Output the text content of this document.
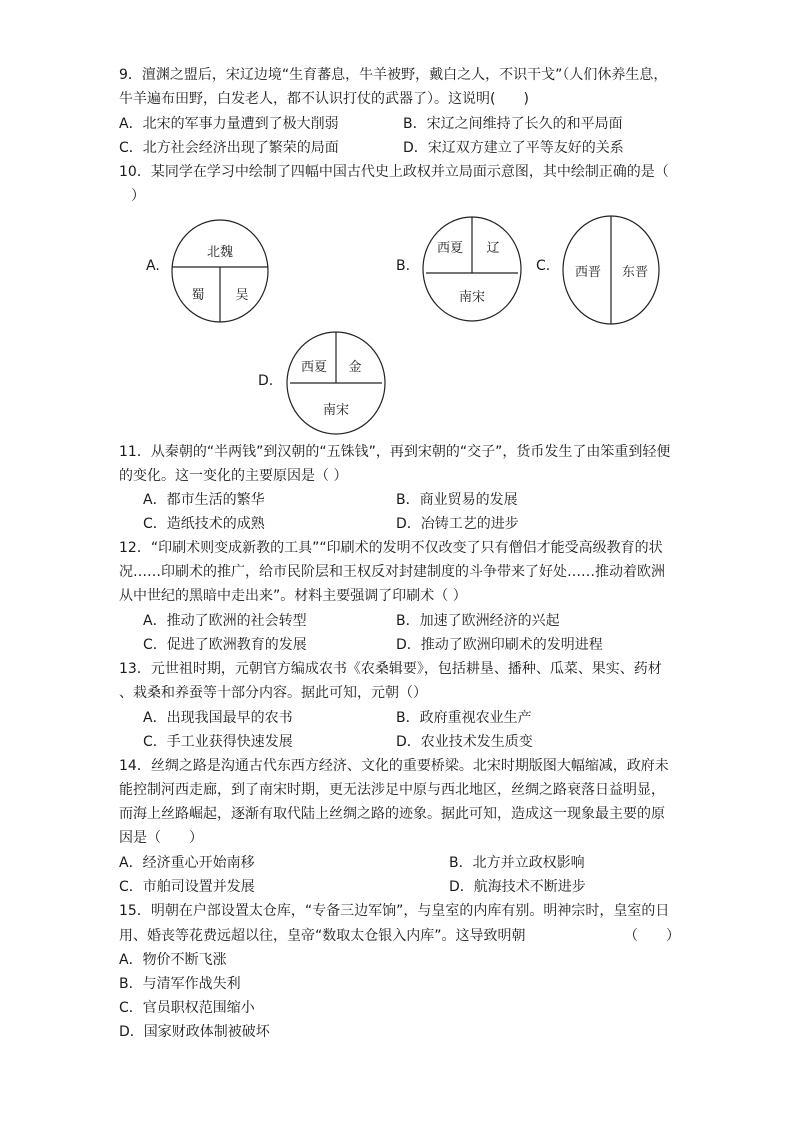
9．澶渊之盟后，宋辽边境“生育蕃息，牛羊被野，戴白之人，不识干戈”（人们休养生息，
牛羊遍布田野，白发老人，都不认识打仗的武器了）。这说明(　　)
A．北宋的军事力量遭到了极大削弱	B．宋辽之间维持了长久的和平局面
C．北方社会经济出现了繁荣的局面	D．宋辽双方建立了平等友好的关系
10．某同学在学习中绘制了四幅中国古代史上政权并立局面示意图，其中绘制正确的是（
）
A.
北魏
蜀 吴
B.
西夏 辽
南宋
C. 西晋 东晋
D.
西夏 金
南宋
11．从秦朝的“半两钱”到汉朝的“五铢钱”，再到宋朝的“交子”，货币发生了由笨重到轻便
的变化。这一变化的主要原因是（ ）
A．都市生活的繁华	B．商业贸易的发展
C．造纸技术的成熟	D．冶铸工艺的进步
12．“印刷术则变成新教的工具”“印刷术的发明不仅改变了只有僧侣才能受高级教育的状
况……印刷术的推广，给市民阶层和王权反对封建制度的斗争带来了好处……推动着欧洲
从中世纪的黑暗中走出来”。材料主要强调了印刷术（ ）
A．推动了欧洲的社会转型	B．加速了欧洲经济的兴起
C．促进了欧洲教育的发展	D．推动了欧洲印刷术的发明进程
13．元世祖时期，元朝官方编成农书《农桑辑要》，包括耕垦、播种、瓜菜、果实、药材
、栽桑和养蚕等十部分内容。据此可知，元朝（）
A．出现我国最早的农书	B．政府重视农业生产
C．手工业获得快速发展	D．农业技术发生质变
14．丝绸之路是沟通古代东西方经济、文化的重要桥梁。北宋时期版图大幅缩减，政府未
能控制河西走廊，到了南宋时期，更无法涉足中原与西北地区，丝绸之路衰落日益明显，
而海上丝路崛起，逐渐有取代陆上丝绸之路的迹象。据此可知，造成这一现象最主要的原
因是（　　）
A．经济重心开始南移	B．北方并立政权影响
C．市舶司设置并发展	D．航海技术不断进步
15．明朝在户部设置太仓库，“专备三边军饷”，与皇室的内库有别。明神宗时，皇室的日
用、婚丧等花费远超以往，皇帝“数取太仓银入内库”。这导致明朝	（　　）
A．物价不断飞涨
B．与清军作战失利
C．官员职权范围缩小
D．国家财政体制被破坏
